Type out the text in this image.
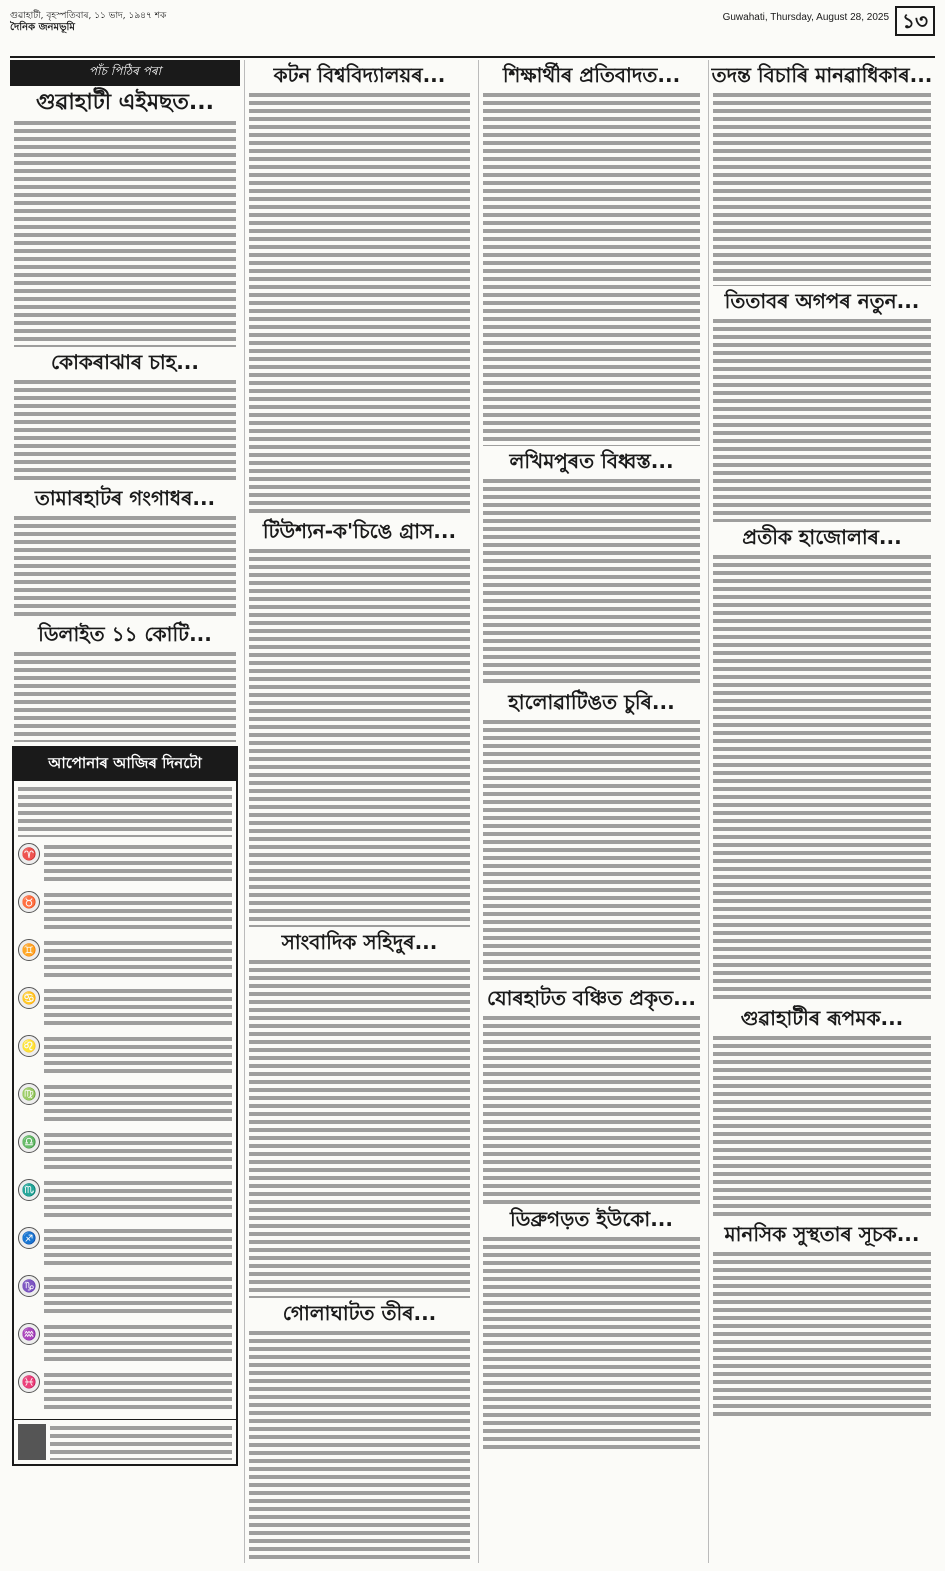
গুৱাহাটী, বৃহস্পতিবাৰ, ১১ ভাদ, ১৯৪৭ শক
দৈনিক জনমভূমি
Guwahati, Thursday, August 28, 2025 ১৩
পাঁচ পিঠিৰ পৰা
গুৱাহাটী এইমছত...
কোকৰাঝাৰ চাহ...
তামাৰহাটৰ গংগাধৰ...
ডিলাইত ১১ কোটি...
আপোনাৰ আজিৰ দিনটো
♈
♉
♊
♋
♌
♍
♎
♏
♐
♑
♒
♓
কটন বিশ্ববিদ্যালয়ৰ...
টিউশ্যন-ক'চিঙে গ্ৰাস...
সাংবাদিক সহিদুৰ...
গোলাঘাটত তীৰ...
শিক্ষাৰ্থীৰ প্ৰতিবাদত...
লখিমপুৰত বিধ্বস্ত...
হালোৱাটিঙত চুৰি...
যোৰহাটত বঞ্চিত প্ৰকৃত...
ডিব্ৰুগড়ত ইউকো...
তদন্ত বিচাৰি মানৱাধিকাৰ...
তিতাবৰ অগপৰ নতুন...
প্ৰতীক হাজোলাৰ...
গুৱাহাটীৰ ৰূপমক...
মানসিক সুস্থতাৰ সূচক...
